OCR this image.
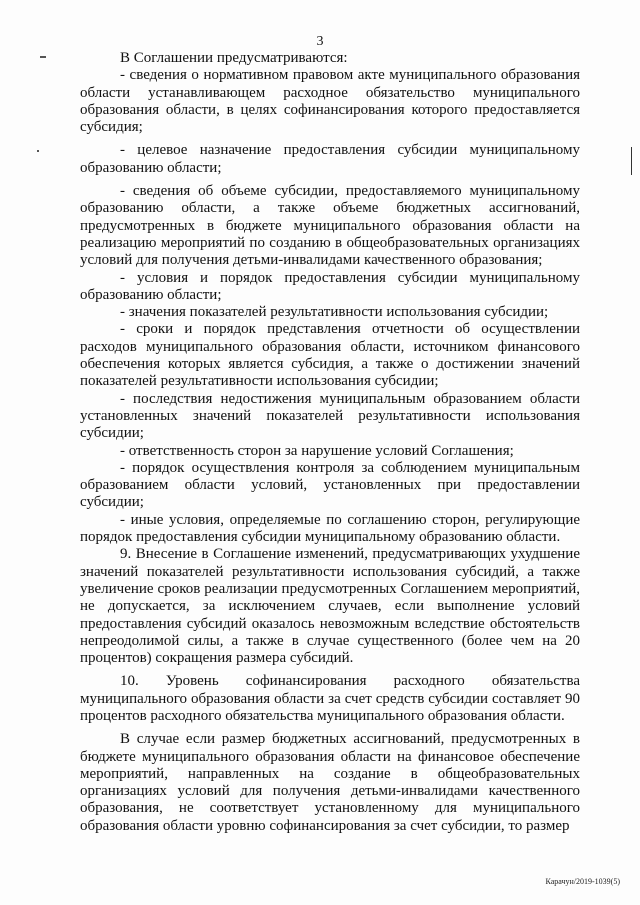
3

В Соглашении предусматриваются:

- сведения о нормативном правовом акте муниципального образования области устанавливающем расходное обязательство муниципального образования области, в целях софинансирования которого предоставляется субсидия;

- целевое назначение предоставления субсидии муниципальному образованию области;

- сведения об объеме субсидии, предоставляемого муниципальному образованию области, а также объеме бюджетных ассигнований, предусмотренных в бюджете муниципального образования области на реализацию мероприятий по созданию в общеобразовательных организациях условий для получения детьми-инвалидами качественного образования;

- условия и порядок предоставления субсидии муниципальному образованию области;

- значения показателей результативности использования субсидии;

- сроки и порядок представления отчетности об осуществлении расходов муниципального образования области, источником финансового обеспечения которых является субсидия, а также о достижении значений показателей результативности использования субсидии;

- последствия недостижения муниципальным образованием области установленных значений показателей результативности использования субсидии;

- ответственность сторон за нарушение условий Соглашения;

- порядок осуществления контроля за соблюдением муниципальным образованием области условий, установленных при предоставлении субсидии;

- иные условия, определяемые по соглашению сторон, регулирующие порядок предоставления субсидии муниципальному образованию области.

9. Внесение в Соглашение изменений, предусматривающих ухудшение значений показателей результативности использования субсидий, а также увеличение сроков реализации предусмотренных Соглашением мероприятий, не допускается, за исключением случаев, если выполнение условий предоставления субсидий оказалось невозможным вследствие обстоятельств непреодолимой силы, а также в случае существенного (более чем на 20 процентов) сокращения размера субсидий.

10. Уровень софинансирования расходного обязательства муниципального образования области за счет средств субсидии составляет 90 процентов расходного обязательства муниципального образования области.

В случае если размер бюджетных ассигнований, предусмотренных в бюджете муниципального образования области на финансовое обеспечение мероприятий, направленных на создание в общеобразовательных организациях условий для получения детьми-инвалидами качественного образования, не соответствует установленному для муниципального образования области уровню софинансирования за счет субсидии, то размер

Карачун/2019-1039(5)
